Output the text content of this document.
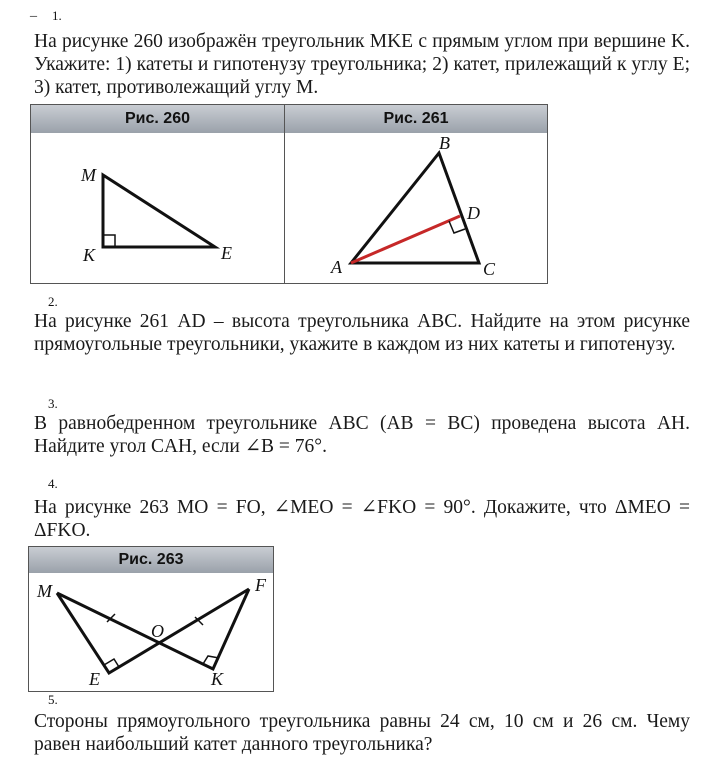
_ 1.
На рисунке 260 изображён треугольник MKE с прямым углом при вершине K. Укажите: 1) катеты и гипотенузу треугольника; 2) катет, прилежащий к углу E; 3) катет, противолежащий углу M.
Рис. 260	Рис. 261
M
K	E
A
B
C
D
2.
На рисунке 261 AD – высота треугольника ABC. Найдите на этом рисунке прямоугольные треугольники, укажите в каждом из них катеты и гипотенузу.
3.
В равнобедренном треугольнике ABC (AB = BC) проведена высота AH. Найдите угол CAH, если ∠B = 76°.
4.
На рисунке 263 MO = FO, ∠MEO = ∠FKO = 90°. Докажите, что ΔMEO = ΔFKO.
Рис. 263
M	F
O
E	K
5.
Стороны прямоугольного треугольника равны 24 см, 10 см и 26 см. Чему равен наибольший катет данного треугольника?
